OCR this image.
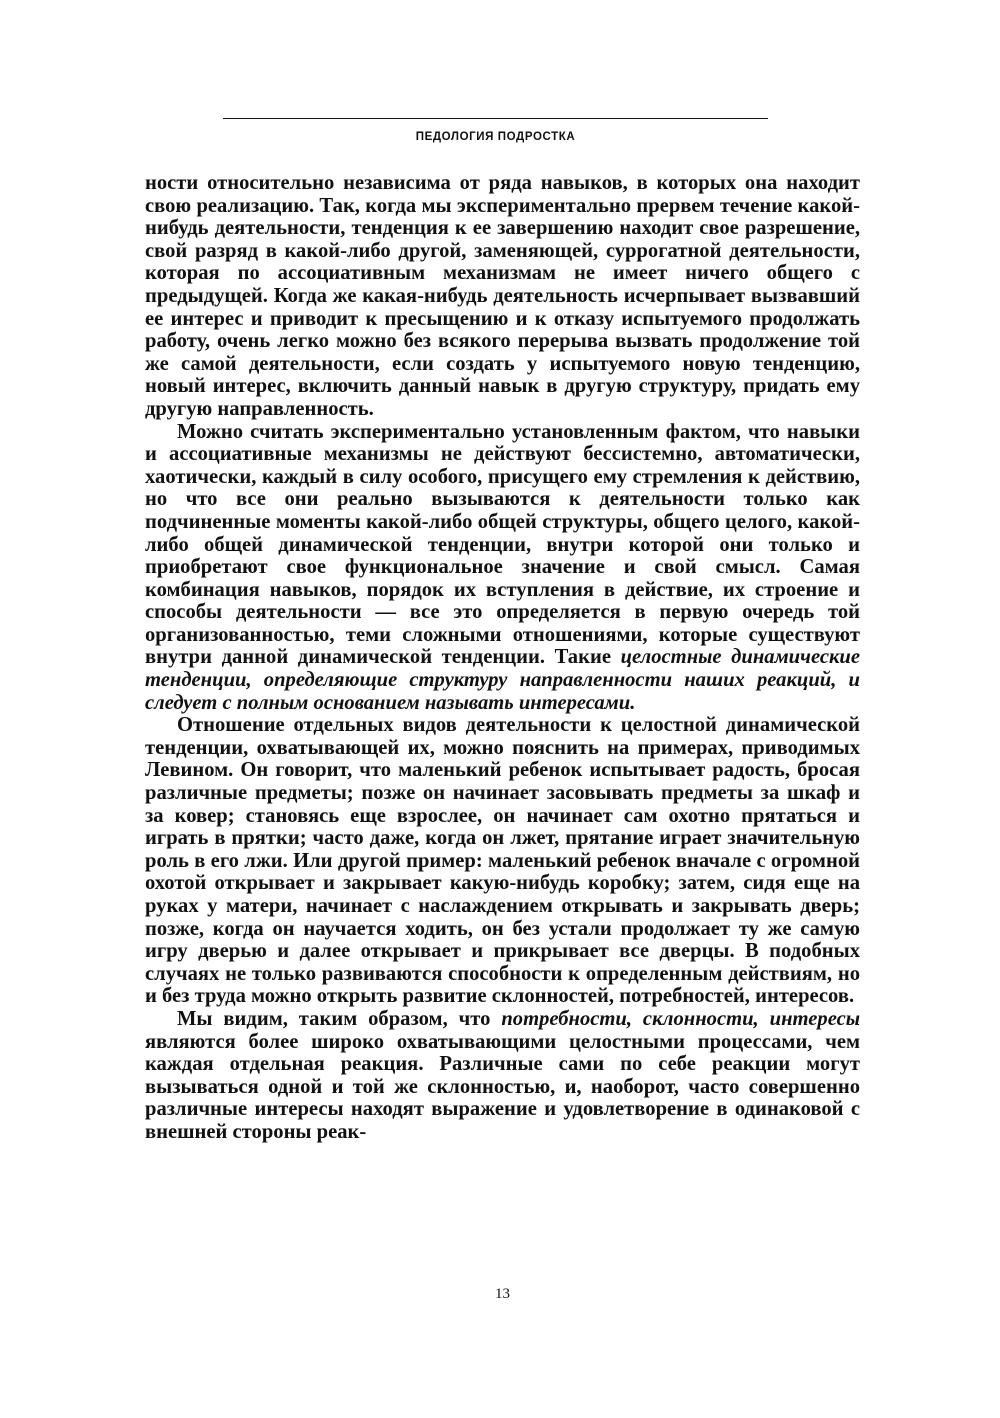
ПЕДОЛОГИЯ ПОДРОСТКА

ности относительно независима от ряда навыков, в которых она находит свою реализацию. Так, когда мы экспериментально прервем течение какой-нибудь деятельности, тенденция к ее завершению находит свое разрешение, свой разряд в какой-либо другой, заменяющей, суррогатной деятельности, которая по ассоциативным механизмам не имеет ничего общего с предыдущей. Когда же какая-нибудь деятельность исчерпывает вызвавший ее интерес и приводит к пресыщению и к отказу испытуемого продолжать работу, очень легко можно без всякого перерыва вызвать продолжение той же самой деятельности, если создать у испытуемого новую тенденцию, новый интерес, включить данный навык в другую структуру, придать ему другую направленность.

Можно считать экспериментально установленным фактом, что навыки и ассоциативные механизмы не действуют бессистемно, автоматически, хаотически, каждый в силу особого, присущего ему стремления к действию, но что все они реально вызываются к деятельности только как подчиненные моменты какой-либо общей структуры, общего целого, какой-либо общей динамической тенденции, внутри которой они только и приобретают свое функциональное значение и свой смысл. Самая комбинация навыков, порядок их вступления в действие, их строение и способы деятельности — все это определяется в первую очередь той организованностью, теми сложными отношениями, которые существуют внутри данной динамической тенденции. Такие целостные динамические тенденции, определяющие структуру направленности наших реакций, и следует с полным основанием называть интересами.

Отношение отдельных видов деятельности к целостной динамической тенденции, охватывающей их, можно пояснить на примерах, приводимых Левином. Он говорит, что маленький ребенок испытывает радость, бросая различные предметы; позже он начинает засовывать предметы за шкаф и за ковер; становясь еще взрослее, он начинает сам охотно прятаться и играть в прятки; часто даже, когда он лжет, прятание играет значительную роль в его лжи. Или другой пример: маленький ребенок вначале с огромной охотой открывает и закрывает какую-нибудь коробку; затем, сидя еще на руках у матери, начинает с наслаждением открывать и закрывать дверь; позже, когда он научается ходить, он без устали продолжает ту же самую игру дверью и далее открывает и прикрывает все дверцы. В подобных случаях не только развиваются способности к определенным действиям, но и без труда можно открыть развитие склонностей, потребностей, интересов.

Мы видим, таким образом, что потребности, склонности, интересы являются более широко охватывающими целостными процессами, чем каждая отдельная реакция. Различные сами по себе реакции могут вызываться одной и той же склонностью, и, наоборот, часто совершенно различные интересы находят выражение и удовлетворение в одинаковой с внешней стороны реак-

13
